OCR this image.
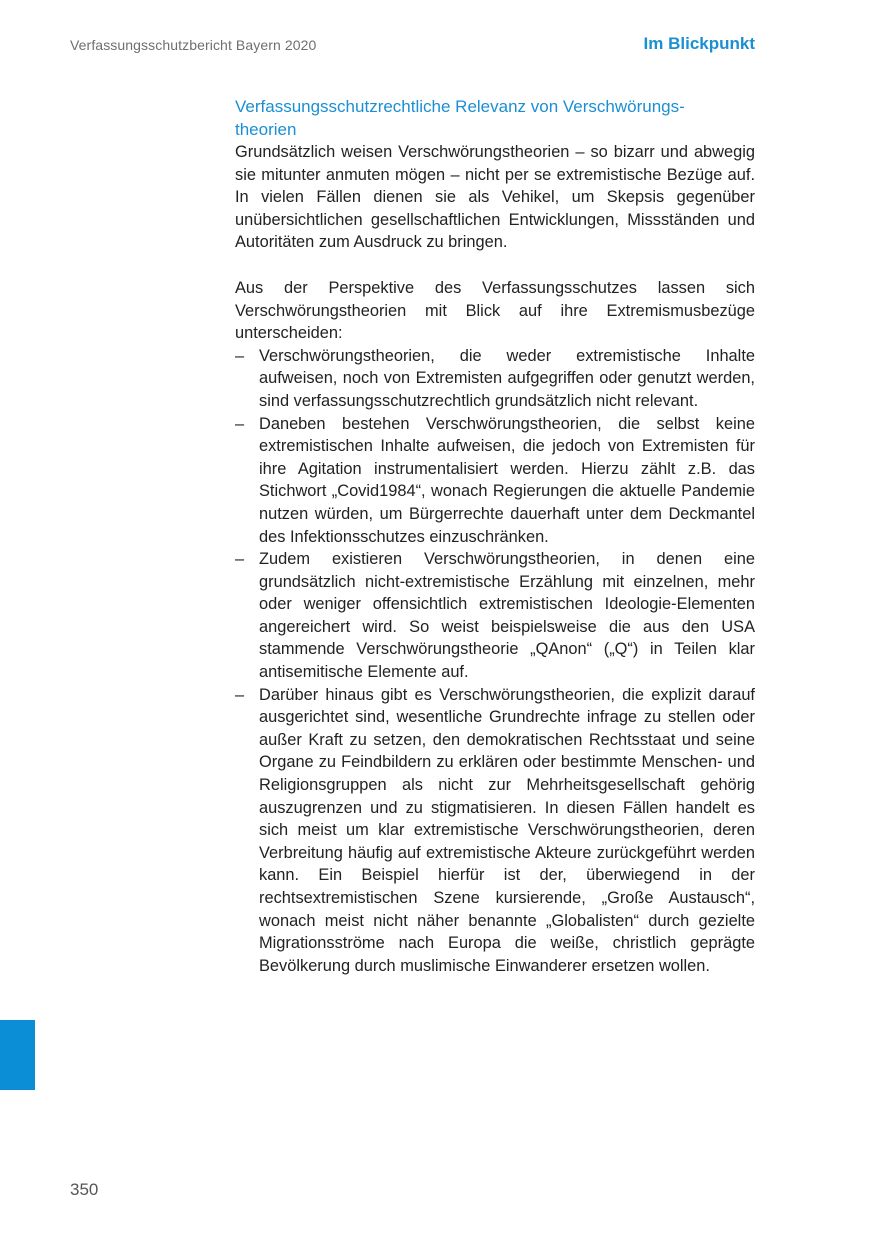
Verfassungsschutzbericht Bayern 2020	Im Blickpunkt
Verfassungsschutzrechtliche Relevanz von Verschwörungs-
theorien

Grundsätzlich weisen Verschwörungstheorien – so bizarr und abwegig sie mitunter anmuten mögen – nicht per se extremistische Bezüge auf. In vielen Fällen dienen sie als Vehikel, um Skepsis gegenüber unübersichtlichen gesellschaftlichen Entwicklungen, Missständen und Autoritäten zum Ausdruck zu bringen.

Aus der Perspektive des Verfassungsschutzes lassen sich Verschwörungstheorien mit Blick auf ihre Extremismusbezüge unterscheiden:

– Verschwörungstheorien, die weder extremistische Inhalte aufweisen, noch von Extremisten aufgegriffen oder genutzt werden, sind verfassungsschutzrechtlich grundsätzlich nicht relevant.
– Daneben bestehen Verschwörungstheorien, die selbst keine extremistischen Inhalte aufweisen, die jedoch von Extremisten für ihre Agitation instrumentalisiert werden. Hierzu zählt z.B. das Stichwort „Covid1984“, wonach Regierungen die aktuelle Pandemie nutzen würden, um Bürgerrechte dauerhaft unter dem Deckmantel des Infektionsschutzes einzuschränken.
– Zudem existieren Verschwörungstheorien, in denen eine grundsätzlich nicht-extremistische Erzählung mit einzelnen, mehr oder weniger offensichtlich extremistischen Ideologie-Elementen angereichert wird. So weist beispielsweise die aus den USA stammende Verschwörungstheorie „QAnon“ („Q“) in Teilen klar antisemitische Elemente auf.
– Darüber hinaus gibt es Verschwörungstheorien, die explizit darauf ausgerichtet sind, wesentliche Grundrechte infrage zu stellen oder außer Kraft zu setzen, den demokratischen Rechtsstaat und seine Organe zu Feindbildern zu erklären oder bestimmte Menschen- und Religionsgruppen als nicht zur Mehrheitsgesellschaft gehörig auszugrenzen und zu stigmatisieren. In diesen Fällen handelt es sich meist um klar extremistische Verschwörungstheorien, deren Verbreitung häufig auf extremistische Akteure zurückgeführt werden kann. Ein Beispiel hierfür ist der, überwiegend in der rechtsextremistischen Szene kursierende, „Große Austausch“, wonach meist nicht näher benannte „Globalisten“ durch gezielte Migrationsströme nach Europa die weiße, christlich geprägte Bevölkerung durch muslimische Einwanderer ersetzen wollen.
350
